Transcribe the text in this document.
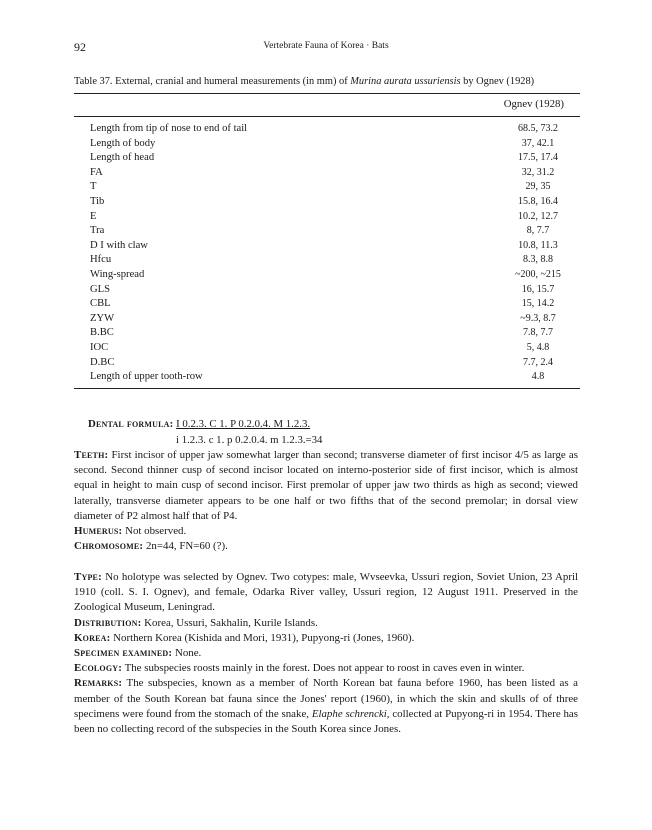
92	Vertebrate Fauna of Korea · Bats
Table 37. External, cranial and humeral measurements (in mm) of Murina aurata ussuriensis by Ognev (1928)
Ognev (1928)
Length from tip of nose to end of tail	68.5, 73.2
Length of body	37, 42.1
Length of head	17.5, 17.4
FA	32, 31.2
T	29, 35
Tib	15.8, 16.4
E	10.2, 12.7
Tra	8, 7.7
D I with claw	10.8, 11.3
Hfcu	8.3, 8.8
Wing-spread	~200, ~215
GLS	16, 15.7
CBL	15, 14.2
ZYW	~9.3, 8.7
B.BC	7.8, 7.7
IOC	5, 4.8
D.BC	7.7, 2.4
Length of upper tooth-row	4.8
Dental formula: I 0.2.3. C 1. P 0.2.0.4. M 1.2.3.
i 1.2.3. c 1. p 0.2.0.4. m 1.2.3.=34

Teeth: First incisor of upper jaw somewhat larger than second; transverse diameter of first incisor 4/5 as large as second. Second thinner cusp of second incisor located on interno-posterior side of first incisor, which is almost equal in height to main cusp of second incisor. First premolar of upper jaw two thirds as high as second; viewed laterally, transverse diameter appears to be one half or two fifths that of the second premolar; in dorsal view diameter of P2 almost half that of P4.

Humerus: Not observed.

Chromosome: 2n=44, FN=60 (?).

Type: No holotype was selected by Ognev. Two cotypes: male, Wvseevka, Ussuri region, Soviet Union, 23 April 1910 (coll. S. I. Ognev), and female, Odarka River valley, Ussuri region, 12 August 1911. Preserved in the Zoological Museum, Leningrad.

Distribution: Korea, Ussuri, Sakhalin, Kurile Islands.

Korea: Northern Korea (Kishida and Mori, 1931), Pupyong-ri (Jones, 1960).

Specimen examined: None.

Ecology: The subspecies roosts mainly in the forest. Does not appear to roost in caves even in winter.

Remarks: The subspecies, known as a member of North Korean bat fauna before 1960, has been listed as a member of the South Korean bat fauna since the Jones' report (1960), in which the skin and skulls of of three specimens were found from the stomach of the snake, Elaphe schrencki, collected at Pupyong-ri in 1954. There has been no collecting record of the subspecies in the South Korea since Jones.
